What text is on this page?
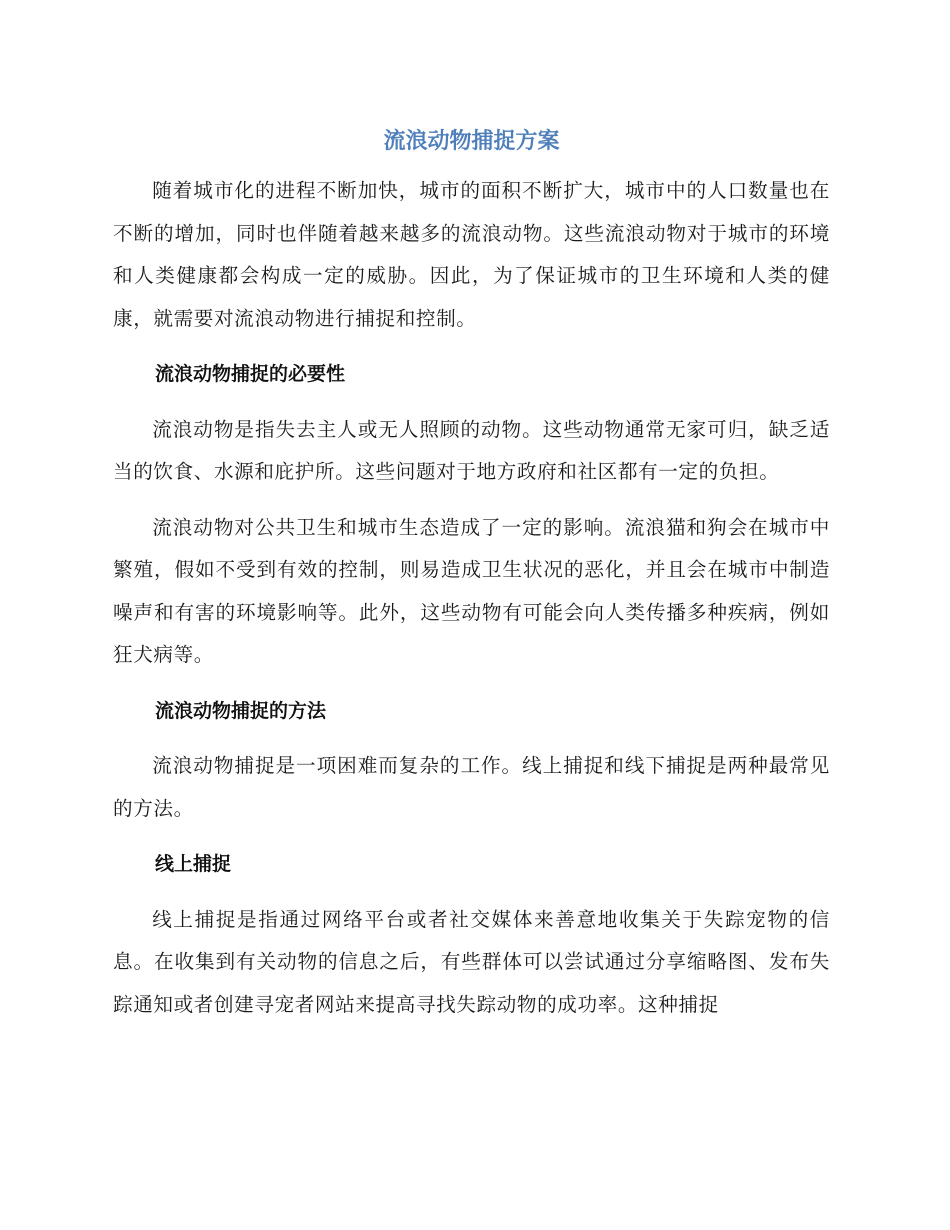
流浪动物捕捉方案

随着城市化的进程不断加快，城市的面积不断扩大，城市中的人口数量也在不断的增加，同时也伴随着越来越多的流浪动物。这些流浪动物对于城市的环境和人类健康都会构成一定的威胁。因此，为了保证城市的卫生环境和人类的健康，就需要对流浪动物进行捕捉和控制。

流浪动物捕捉的必要性

流浪动物是指失去主人或无人照顾的动物。这些动物通常无家可归，缺乏适当的饮食、水源和庇护所。这些问题对于地方政府和社区都有一定的负担。

流浪动物对公共卫生和城市生态造成了一定的影响。流浪猫和狗会在城市中繁殖，假如不受到有效的控制，则易造成卫生状况的恶化，并且会在城市中制造噪声和有害的环境影响等。此外，这些动物有可能会向人类传播多种疾病，例如狂犬病等。

流浪动物捕捉的方法

流浪动物捕捉是一项困难而复杂的工作。线上捕捉和线下捕捉是两种最常见的方法。

线上捕捉

线上捕捉是指通过网络平台或者社交媒体来善意地收集关于失踪宠物的信息。在收集到有关动物的信息之后，有些群体可以尝试通过分享缩略图、发布失踪通知或者创建寻宠者网站来提高寻找失踪动物的成功率。这种捕捉
